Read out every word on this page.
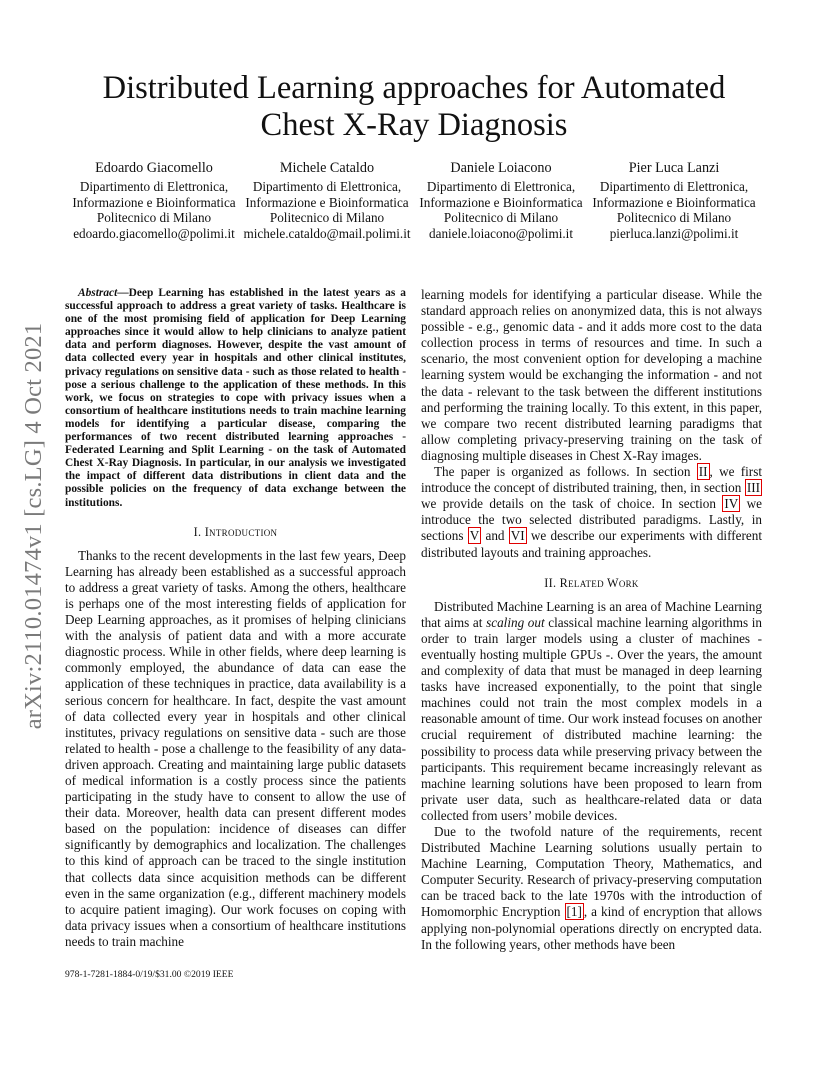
Distributed Learning approaches for Automated
Chest X-Ray Diagnosis
Edoardo Giacomello
Dipartimento di Elettronica,
Informazione e Bioinformatica
Politecnico di Milano
edoardo.giacomello@polimi.it
Michele Cataldo
Dipartimento di Elettronica,
Informazione e Bioinformatica
Politecnico di Milano
michele.cataldo@mail.polimi.it
Daniele Loiacono
Dipartimento di Elettronica,
Informazione e Bioinformatica
Politecnico di Milano
daniele.loiacono@polimi.it
Pier Luca Lanzi
Dipartimento di Elettronica,
Informazione e Bioinformatica
Politecnico di Milano
pierluca.lanzi@polimi.it
arXiv:2110.01474v1 [cs.LG] 4 Oct 2021

Abstract—Deep Learning has established in the latest years as a successful approach to address a great variety of tasks. Healthcare is one of the most promising field of application for Deep Learning approaches since it would allow to help clinicians to analyze patient data and perform diagnoses. However, despite the vast amount of data collected every year in hospitals and other clinical institutes, privacy regulations on sensitive data - such as those related to health - pose a serious challenge to the application of these methods. In this work, we focus on strategies to cope with privacy issues when a consortium of healthcare institutions needs to train machine learning models for identifying a particular disease, comparing the performances of two recent distributed learning approaches - Federated Learning and Split Learning - on the task of Automated Chest X-Ray Diagnosis. In particular, in our analysis we investigated the impact of different data distributions in client data and the possible policies on the frequency of data exchange between the institutions.

I. Introduction

Thanks to the recent developments in the last few years, Deep Learning has already been established as a successful approach to address a great variety of tasks. Among the others, healthcare is perhaps one of the most interesting fields of application for Deep Learning approaches, as it promises of helping clinicians with the analysis of patient data and with a more accurate diagnostic process. While in other fields, where deep learning is commonly employed, the abundance of data can ease the application of these techniques in practice, data availability is a serious concern for healthcare. In fact, despite the vast amount of data collected every year in hospitals and other clinical institutes, privacy regulations on sensitive data - such are those related to health - pose a challenge to the feasibility of any data-driven approach. Creating and maintaining large public datasets of medical information is a costly process since the patients participating in the study have to consent to allow the use of their data. Moreover, health data can present different modes based on the population: incidence of diseases can differ significantly by demographics and localization. The challenges to this kind of approach can be traced to the single institution that collects data since acquisition methods can be different even in the same organization (e.g., different machinery models to acquire patient imaging). Our work focuses on coping with data privacy issues when a consortium of healthcare institutions needs to train machine

learning models for identifying a particular disease. While the standard approach relies on anonymized data, this is not always possible - e.g., genomic data - and it adds more cost to the data collection process in terms of resources and time. In such a scenario, the most convenient option for developing a machine learning system would be exchanging the information - and not the data - relevant to the task between the different institutions and performing the training locally. To this extent, in this paper, we compare two recent distributed learning paradigms that allow completing privacy-preserving training on the task of diagnosing multiple diseases in Chest X-Ray images.

The paper is organized as follows. In section II , we first introduce the concept of distributed training, then, in section III we provide details on the task of choice. In section IV we introduce the two selected distributed paradigms. Lastly, in sections V and VI we describe our experiments with different distributed layouts and training approaches.

II. Related Work

Distributed Machine Learning is an area of Machine Learning that aims at scaling out classical machine learning algorithms in order to train larger models using a cluster of machines - eventually hosting multiple GPUs -. Over the years, the amount and complexity of data that must be managed in deep learning tasks have increased exponentially, to the point that single machines could not train the most complex models in a reasonable amount of time. Our work instead focuses on another crucial requirement of distributed machine learning: the possibility to process data while preserving privacy between the participants. This requirement became increasingly relevant as machine learning solutions have been proposed to learn from private user data, such as healthcare-related data or data collected from users’ mobile devices.

Due to the twofold nature of the requirements, recent Distributed Machine Learning solutions usually pertain to Machine Learning, Computation Theory, Mathematics, and Computer Security. Research of privacy-preserving computation can be traced back to the late 1970s with the introduction of Homomorphic Encryption [1] , a kind of encryption that allows applying non-polynomial operations directly on encrypted data. In the following years, other methods have been

978-1-7281-1884-0/19/$31.00 ©2019 IEEE
